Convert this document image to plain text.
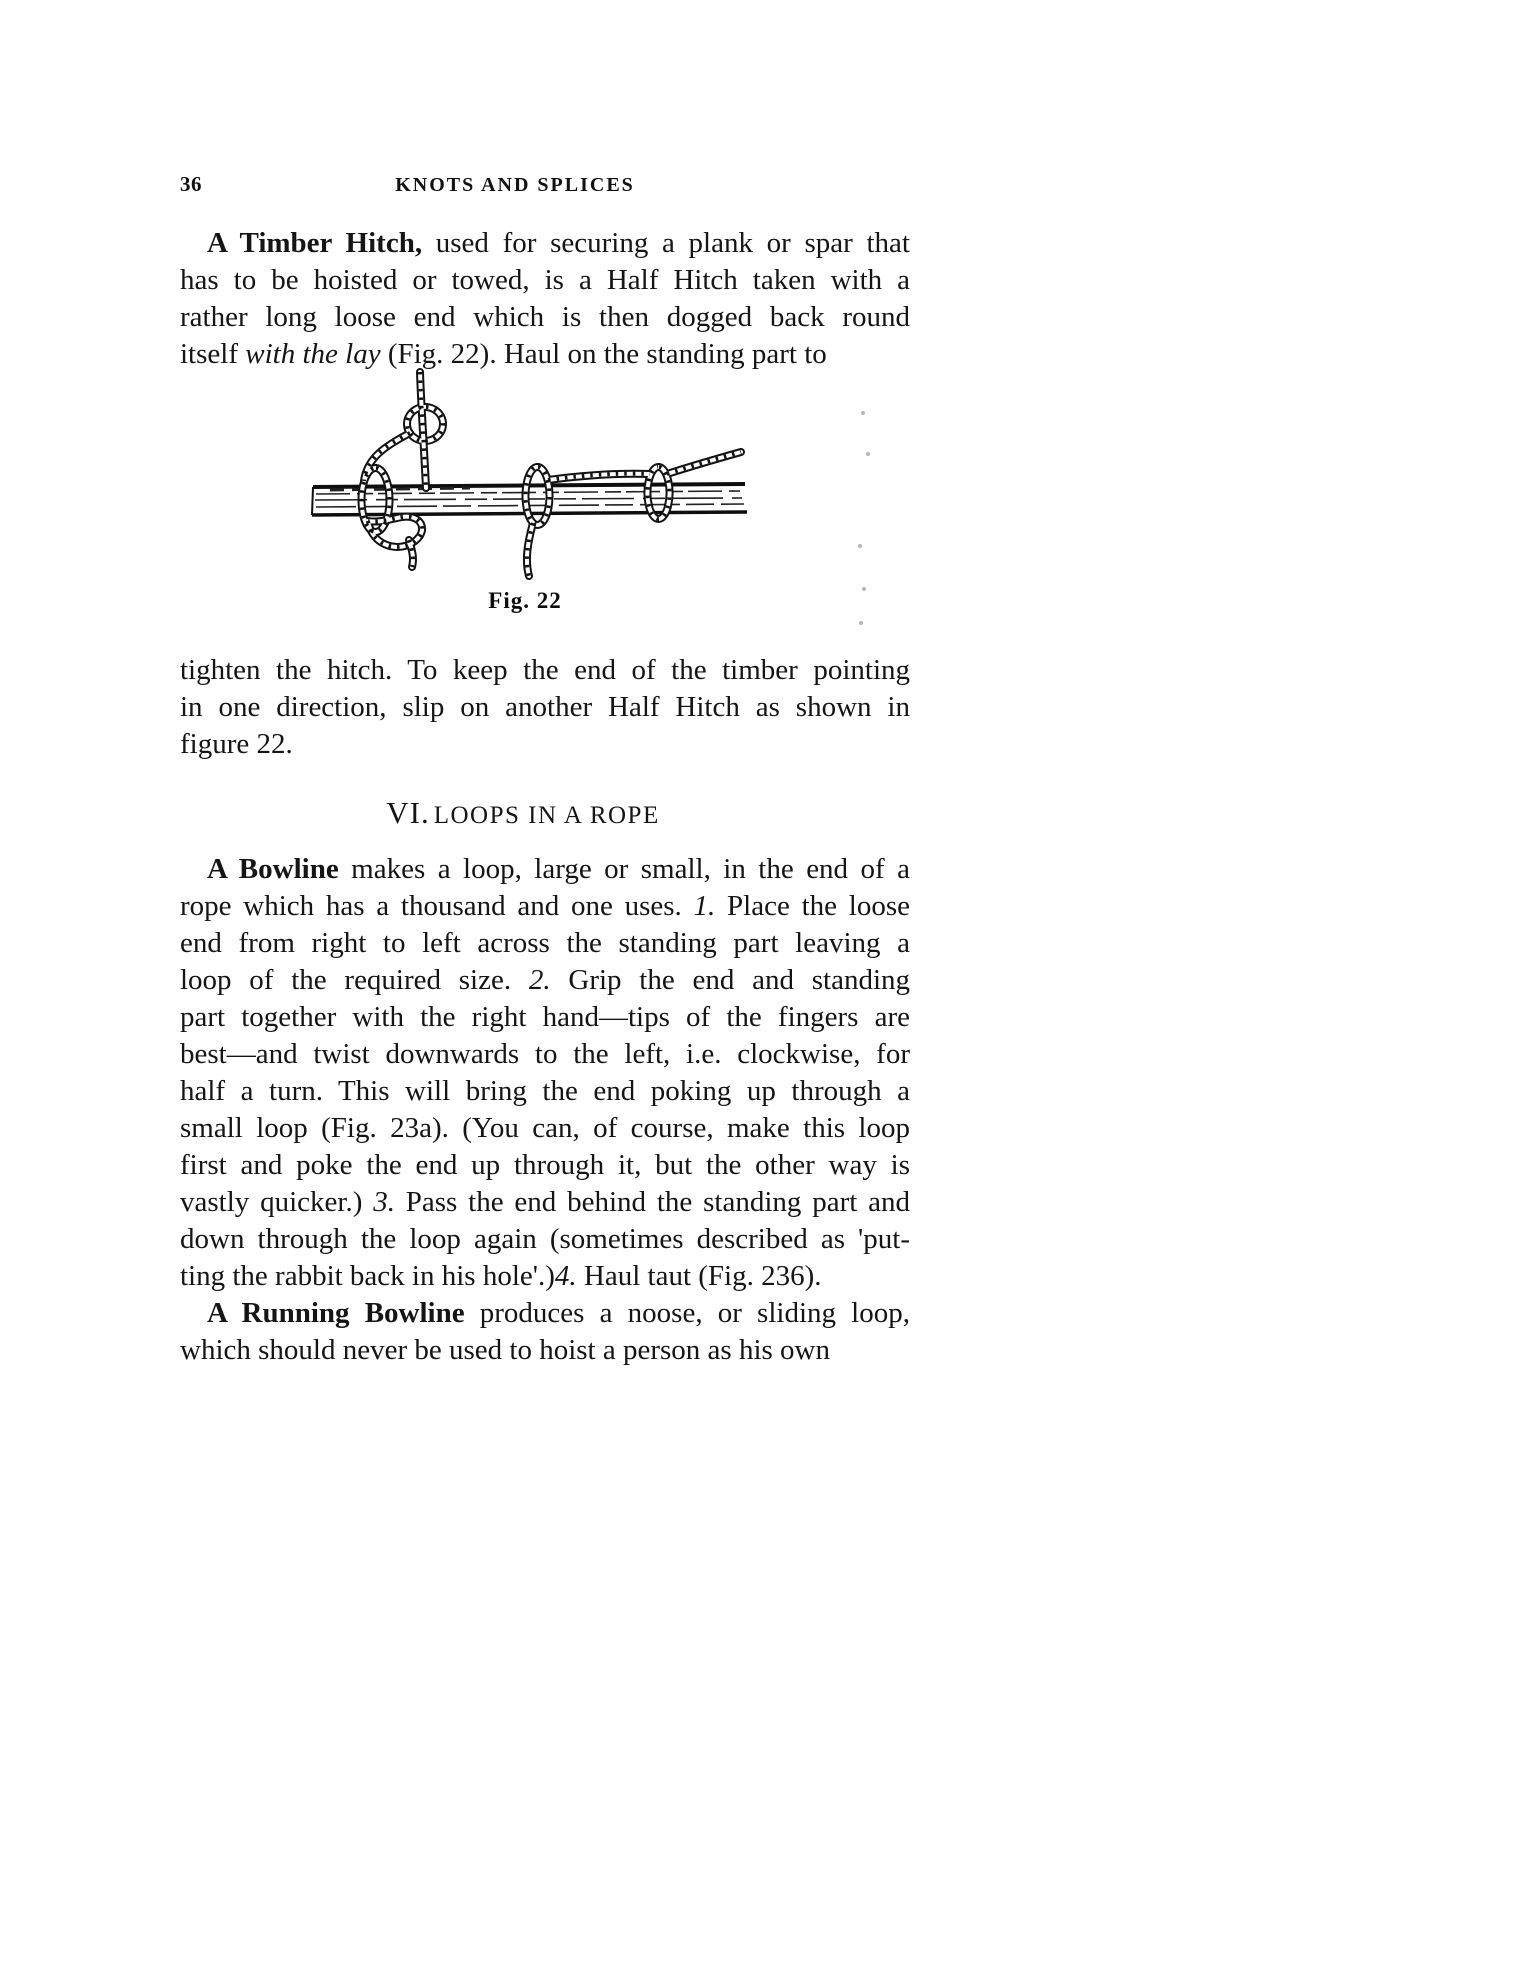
36	KNOTS AND SPLICES
A Timber Hitch, used for securing a plank or spar that
has to be hoisted or towed, is a Half Hitch taken with a
rather long loose end which is then dogged back round
itself with the lay (Fig. 22). Haul on the standing part to
Fig. 22
tighten the hitch. To keep the end of the timber pointing
in one direction, slip on another Half Hitch as shown in
figure 22.
VI. LOOPS IN A ROPE
A Bowline makes a loop, large or small, in the end of a
rope which has a thousand and one uses. 1. Place the loose
end from right to left across the standing part leaving a
loop of the required size. 2. Grip the end and standing
part together with the right hand—tips of the fingers are
best—and twist downwards to the left, i.e. clockwise, for
half a turn. This will bring the end poking up through a
small loop (Fig. 23a). (You can, of course, make this loop
first and poke the end up through it, but the other way is
vastly quicker.) 3. Pass the end behind the standing part and
down through the loop again (sometimes described as 'put-
ting the rabbit back in his hole'.)4. Haul taut (Fig. 236).
A Running Bowline produces a noose, or sliding loop,
which should never be used to hoist a person as his own
